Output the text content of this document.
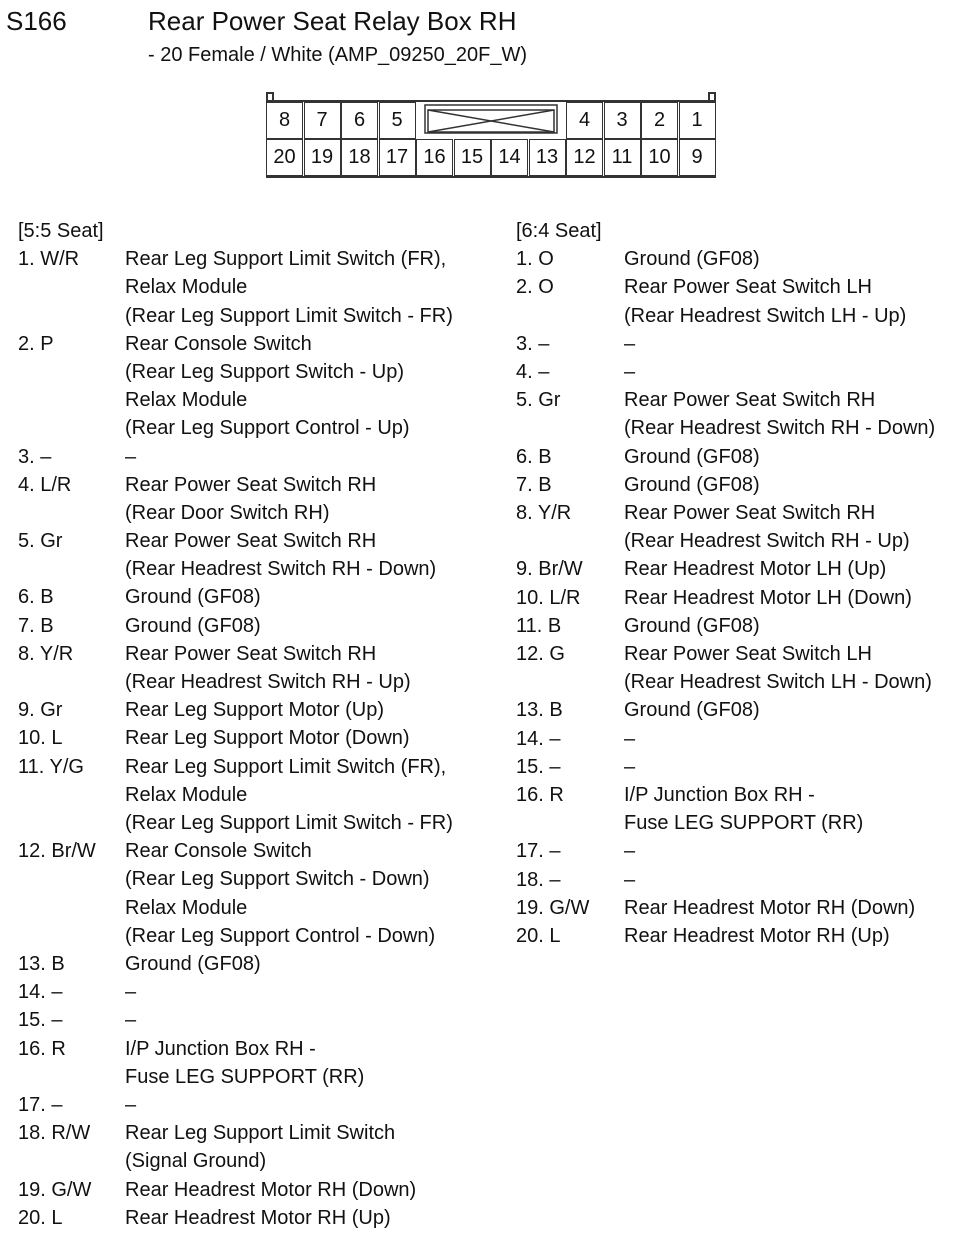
S166	Rear Power Seat Relay Box RH
- 20 Female / White (AMP_09250_20F_W)
8	7	6	5	4	3	2	1
20 19 18 17 16 15 14 13 12 11 10	9
[5:5 Seat]
1. W/R	Rear Leg Support Limit Switch (FR),
Relax Module
(Rear Leg Support Limit Switch - FR)
2. P	Rear Console Switch
(Rear Leg Support Switch - Up)
Relax Module
(Rear Leg Support Control - Up)
3. –	–
4. L/R	Rear Power Seat Switch RH
(Rear Door Switch RH)
5. Gr	Rear Power Seat Switch RH
(Rear Headrest Switch RH - Down)
6. B	Ground (GF08)
7. B	Ground (GF08)
8. Y/R	Rear Power Seat Switch RH
(Rear Headrest Switch RH - Up)
9. Gr	Rear Leg Support Motor (Up)
10. L	Rear Leg Support Motor (Down)
11. Y/G	Rear Leg Support Limit Switch (FR),
Relax Module
(Rear Leg Support Limit Switch - FR)
12. Br/W	Rear Console Switch
(Rear Leg Support Switch - Down)
Relax Module
(Rear Leg Support Control - Down)
13. B	Ground (GF08)
14. –	–
15. –	–
16. R	I/P Junction Box RH -
Fuse LEG SUPPORT (RR)
17. –	–
18. R/W	Rear Leg Support Limit Switch
(Signal Ground)
19. G/W	Rear Headrest Motor RH (Down)
20. L	Rear Headrest Motor RH (Up)
[6:4 Seat]
1. O	Ground (GF08)
2. O	Rear Power Seat Switch LH
(Rear Headrest Switch LH - Up)
3. –	–
4. –	–
5. Gr	Rear Power Seat Switch RH
(Rear Headrest Switch RH - Down)
6. B	Ground (GF08)
7. B	Ground (GF08)
8. Y/R	Rear Power Seat Switch RH
(Rear Headrest Switch RH - Up)
9. Br/W	Rear Headrest Motor LH (Up)
10. L/R	Rear Headrest Motor LH (Down)
11. B	Ground (GF08)
12. G	Rear Power Seat Switch LH
(Rear Headrest Switch LH - Down)
13. B	Ground (GF08)
14. –	–
15. –	–
16. R	I/P Junction Box RH -
Fuse LEG SUPPORT (RR)
17. –	–
18. –	–
19. G/W	Rear Headrest Motor RH (Down)
20. L	Rear Headrest Motor RH (Up)
